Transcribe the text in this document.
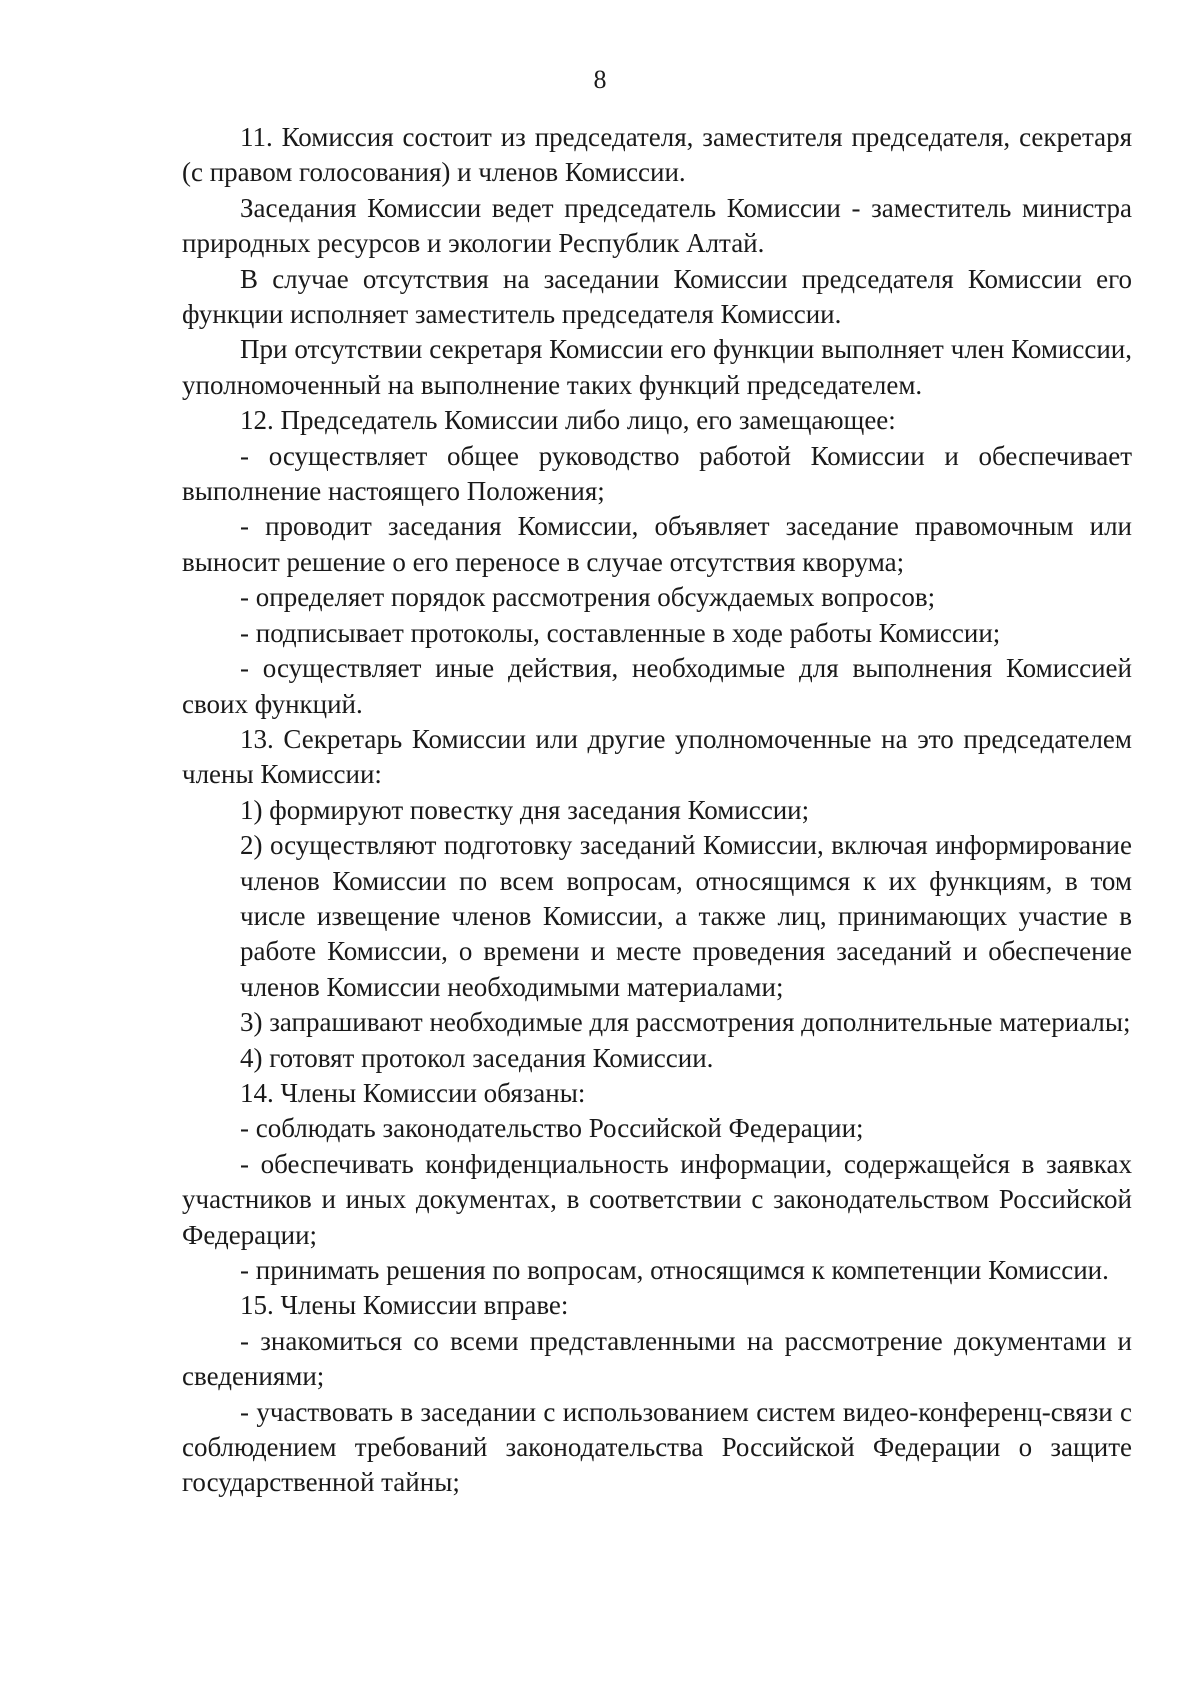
8

11. Комиссия состоит из председателя, заместителя председателя, секретаря (с правом голосования) и членов Комиссии.

Заседания Комиссии ведет председатель Комиссии - заместитель министра природных ресурсов и экологии Республик Алтай.

В случае отсутствия на заседании Комиссии председателя Комиссии его функции исполняет заместитель председателя Комиссии.

При отсутствии секретаря Комиссии его функции выполняет член Комиссии, уполномоченный на выполнение таких функций председателем.

12. Председатель Комиссии либо лицо, его замещающее:

- осуществляет общее руководство работой Комиссии и обеспечивает выполнение настоящего Положения;

- проводит заседания Комиссии, объявляет заседание правомочным или выносит решение о его переносе в случае отсутствия кворума;

- определяет порядок рассмотрения обсуждаемых вопросов;

- подписывает протоколы, составленные в ходе работы Комиссии;

- осуществляет иные действия, необходимые для выполнения Комиссией своих функций.

13. Секретарь Комиссии или другие уполномоченные на это председателем члены Комиссии:

1) формируют повестку дня заседания Комиссии;

2) осуществляют подготовку заседаний Комиссии, включая информирование членов Комиссии по всем вопросам, относящимся к их функциям, в том числе извещение членов Комиссии, а также лиц, принимающих участие в работе Комиссии, о времени и месте проведения заседаний и обеспечение членов Комиссии необходимыми материалами;

3) запрашивают необходимые для рассмотрения дополнительные материалы;

4) готовят протокол заседания Комиссии.

14. Члены Комиссии обязаны:

- соблюдать законодательство Российской Федерации;

- обеспечивать конфиденциальность информации, содержащейся в заявках участников и иных документах, в соответствии с законодательством Российской Федерации;

- принимать решения по вопросам, относящимся к компетенции Комиссии.

15. Члены Комиссии вправе:

- знакомиться со всеми представленными на рассмотрение документами и сведениями;

- участвовать в заседании с использованием систем видео-конференц-связи с соблюдением требований законодательства Российской Федерации о защите государственной тайны;
